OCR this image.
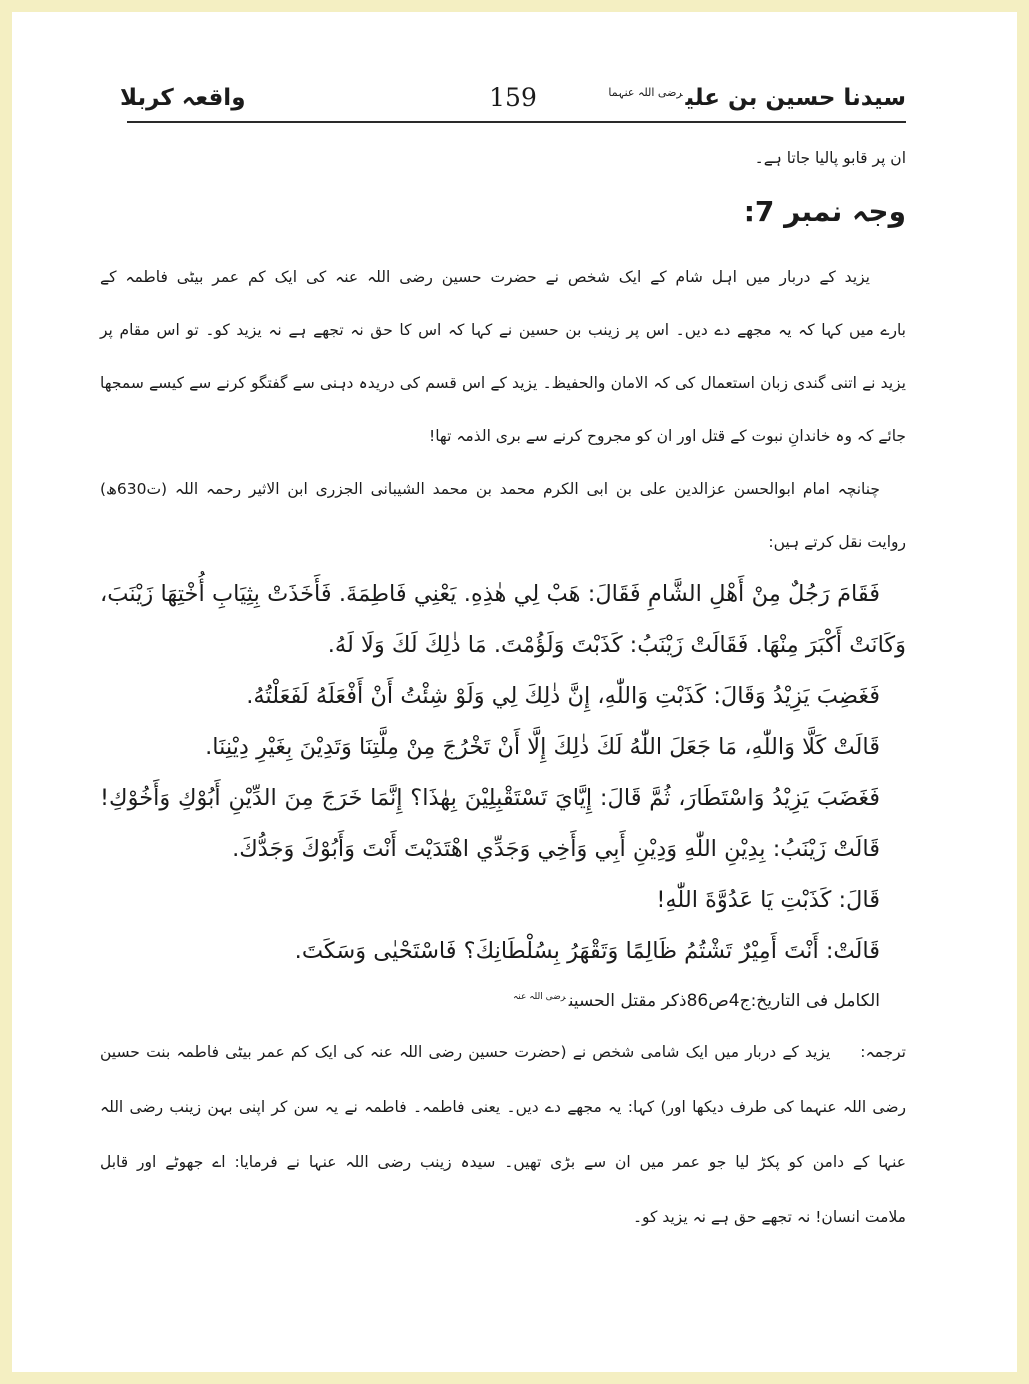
سیدنا حسین بن علی$^{رضی اللہ عنہما}$
159
واقعہ کربلا
ان پر قابو پالیا جاتا ہے۔
وجہ نمبر 7:
یزید کے دربار میں اہل شام کے ایک شخص نے حضرت حسین رضی اللہ عنہ کی ایک کم عمر بیٹی فاطمہ کے
بارے میں کہا کہ یہ مجھے دے دیں۔ اس پر زینب بن حسین نے کہا کہ اس کا حق نہ تجھے ہے نہ یزید کو۔ تو اس مقام پر
یزید نے اتنی گندی زبان استعمال کی کہ الامان والحفیظ۔ یزید کے اس قسم کی دریدہ دہنی سے گفتگو کرنے سے کیسے سمجھا
جائے کہ وہ خاندانِ نبوت کے قتل اور ان کو مجروح کرنے سے بری الذمہ تھا!
چنانچہ امام ابوالحسن عزالدین علی بن ابی الکرم محمد بن محمد الشیبانی الجزری ابن الاثیر رحمہ اللہ (ت630ھ)
روایت نقل کرتے ہیں:
فَقَامَ رَجُلٌ مِنْ أَهْلِ الشَّامِ فَقَالَ: هَبْ لِي هٰذِهِ. يَعْنِي فَاطِمَةَ. فَأَخَذَتْ بِثِيَابِ أُخْتِهَا زَيْنَبَ،
وَكَانَتْ أَكْبَرَ مِنْهَا. فَقَالَتْ زَيْنَبُ: كَذَبْتَ وَلَؤُمْتَ. مَا ذٰلِكَ لَكَ وَلَا لَهُ.
فَغَضِبَ يَزِيْدُ وَقَالَ: كَذَبْتِ وَاللّٰهِ، إِنَّ ذٰلِكَ لِي وَلَوْ شِئْتُ أَنْ أَفْعَلَهُ لَفَعَلْتُهُ.
قَالَتْ كَلَّا وَاللّٰهِ، مَا جَعَلَ اللّٰهُ لَكَ ذٰلِكَ إِلَّا أَنْ تَخْرُجَ مِنْ مِلَّتِنَا وَتَدِيْنَ بِغَيْرِ دِيْنِنَا.
فَغَضَبَ يَزِيْدُ وَاسْتَطَارَ، ثُمَّ قَالَ: إِيَّايَ تَسْتَقْبِلِيْنَ بِهٰذَا؟ إِنَّمَا خَرَجَ مِنَ الدِّيْنِ أَبُوْكِ وَأَخُوْكِ!
قَالَتْ زَيْنَبُ: بِدِيْنِ اللّٰهِ وَدِيْنِ أَبِي وَأَخِي وَجَدِّي اهْتَدَيْتَ أَنْتَ وَأَبُوْكَ وَجَدُّكَ.
قَالَ: كَذَبْتِ يَا عَدُوَّةَ اللّٰهِ!
قَالَتْ: أَنْتَ أَمِيْرٌ تَشْتُمُ ظَالِمًا وَتَقْهَرُ بِسُلْطَانِكَ؟ فَاسْتَحْيٰى وَسَكَتَ.
الکامل فی التاریخ:ج4ص86ذکر مقتل الحسین$^{رضی اللہ عنہ}$
ترجمہ:یزید کے دربار میں ایک شامی شخص نے (حضرت حسین رضی اللہ عنہ کی ایک کم عمر بیٹی فاطمہ بنت حسین
رضی اللہ عنہما کی طرف دیکھا اور) کہا: یہ مجھے دے دیں۔ یعنی فاطمہ۔ فاطمہ نے یہ سن کر اپنی بہن زینب رضی اللہ
عنہا کے دامن کو پکڑ لیا جو عمر میں ان سے بڑی تھیں۔ سیدہ زینب رضی اللہ عنہا نے فرمایا: اے جھوٹے اور قابل
ملامت انسان! نہ تجھے حق ہے نہ یزید کو۔
